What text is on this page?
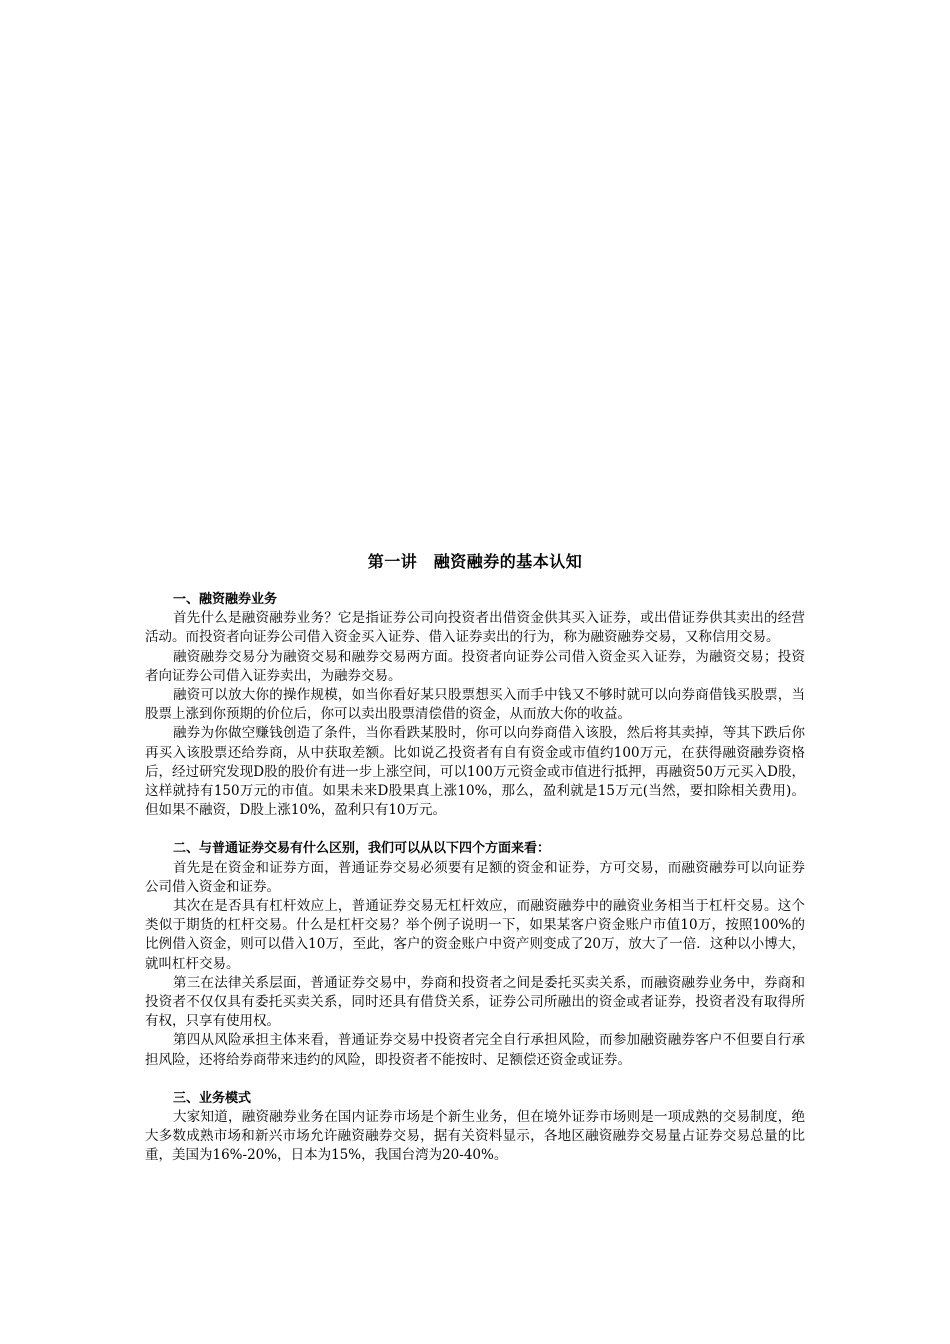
第一讲　融资融券的基本认知

一、融资融券业务

首先什么是融资融券业务？它是指证券公司向投资者出借资金供其买入证券，或出借证券供其卖出的经营活动。而投资者向证券公司借入资金买入证券、借入证券卖出的行为，称为融资融券交易，又称信用交易。

融资融券交易分为融资交易和融券交易两方面。投资者向证券公司借入资金买入证券，为融资交易；投资者向证券公司借入证券卖出，为融券交易。

融资可以放大你的操作规模，如当你看好某只股票想买入而手中钱又不够时就可以向券商借钱买股票，当股票上涨到你预期的价位后，你可以卖出股票清偿借的资金，从而放大你的收益。

融券为你做空赚钱创造了条件，当你看跌某股时，你可以向券商借入该股，然后将其卖掉，等其下跌后你再买入该股票还给券商，从中获取差额。比如说乙投资者有自有资金或市值约100万元，在获得融资融券资格后，经过研究发现D股的股价有进一步上涨空间，可以100万元资金或市值进行抵押，再融资50万元买入D股，这样就持有150万元的市值。如果未来D股果真上涨10%，那么，盈利就是15万元(当然，要扣除相关费用)。但如果不融资，D股上涨10%，盈利只有10万元。

二、与普通证券交易有什么区别，我们可以从以下四个方面来看：

首先是在资金和证券方面，普通证券交易必须要有足额的资金和证券，方可交易，而融资融券可以向证券公司借入资金和证券。

其次在是否具有杠杆效应上，普通证券交易无杠杆效应，而融资融券中的融资业务相当于杠杆交易。这个类似于期货的杠杆交易。什么是杠杆交易？举个例子说明一下，如果某客户资金账户市值10万，按照100%的比例借入资金，则可以借入10万，至此，客户的资金账户中资产则变成了20万，放大了一倍．这种以小博大，就叫杠杆交易。

第三在法律关系层面，普通证券交易中，券商和投资者之间是委托买卖关系，而融资融券业务中，券商和投资者不仅仅具有委托买卖关系，同时还具有借贷关系，证券公司所融出的资金或者证券，投资者没有取得所有权，只享有使用权。

第四从风险承担主体来看，普通证券交易中投资者完全自行承担风险，而参加融资融券客户不但要自行承担风险，还将给券商带来违约的风险，即投资者不能按时、足额偿还资金或证券。

三、业务模式

大家知道，融资融券业务在国内证券市场是个新生业务，但在境外证券市场则是一项成熟的交易制度，绝大多数成熟市场和新兴市场允许融资融券交易，据有关资料显示，各地区融资融券交易量占证券交易总量的比重，美国为16%-20%，日本为15%，我国台湾为20-40%。
